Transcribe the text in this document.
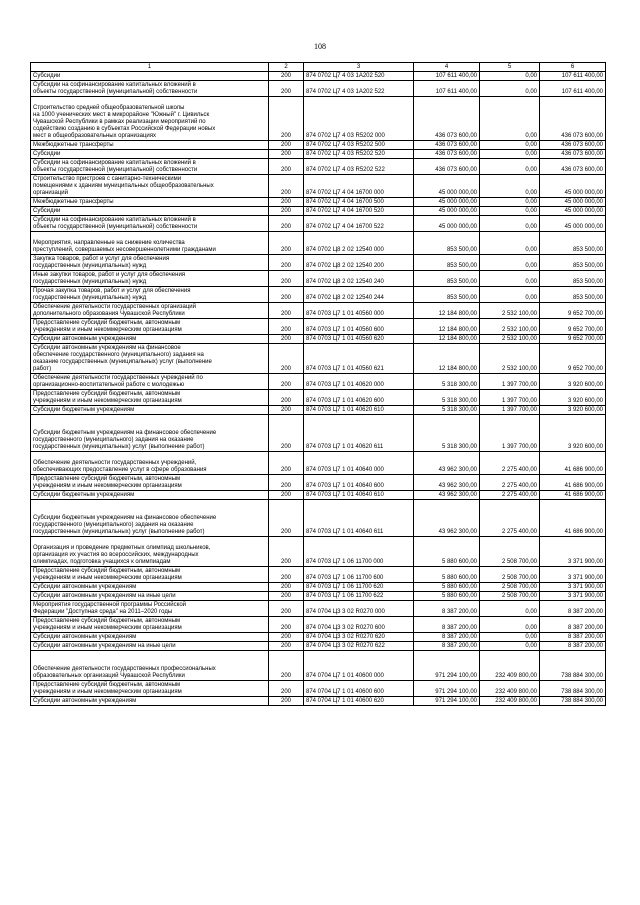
108
1	2	3	4	5	6

Субсидии	200	874 0702 Ц7 4 03 1А202 520	107 611 400,00	0,00	107 611 400,00

Субсидии на софинансирование капитальных вложений в
объекты государственной (муниципальной) собственности	200	874 0702 Ц7 4 03 1А202 522	107 611 400,00	0,00	107 611 400,00

Строительство средней общеобразовательной школы
на 1000 ученических мест в микрорайоне "Южный" г. Цивильск
Чувашской Республики в рамках реализации мероприятий по
содействию созданию в субъектах Российской Федерации новых
мест в общеобразовательных организациях	200	874 0702 Ц7 4 03 R5202 000	436 073 600,00	0,00	436 073 600,00

Межбюджетные трансферты	200	874 0702 Ц7 4 03 R5202 500	436 073 600,00	0,00	436 073 600,00

Субсидии	200	874 0702 Ц7 4 03 R5202 520	436 073 600,00	0,00	436 073 600,00

Субсидии на софинансирование капитальных вложений в
объекты государственной (муниципальной) собственности	200	874 0702 Ц7 4 03 R5202 522	436 073 600,00	0,00	436 073 600,00

Строительство пристроев с санитарно-техническими
помещениями к зданиям муниципальных общеобразовательных
организаций	200	874 0702 Ц7 4 04 16700 000	45 000 000,00	0,00	45 000 000,00

Межбюджетные трансферты	200	874 0702 Ц7 4 04 16700 500	45 000 000,00	0,00	45 000 000,00

Субсидии	200	874 0702 Ц7 4 04 16700 520	45 000 000,00	0,00	45 000 000,00

Субсидии на софинансирование капитальных вложений в
объекты государственной (муниципальной) собственности	200	874 0702 Ц7 4 04 16700 522	45 000 000,00	0,00	45 000 000,00

Мероприятия, направленные на снижение количества
преступлений, совершаемых несовершеннолетними гражданами	200	874 0702 Ц8 2 02 12540 000	853 500,00	0,00	853 500,00

Закупка товаров, работ и услуг для обеспечения
государственных (муниципальных) нужд	200	874 0702 Ц8 2 02 12540 200	853 500,00	0,00	853 500,00

Иные закупки товаров, работ и услуг для обеспечения
государственных (муниципальных) нужд	200	874 0702 Ц8 2 02 12540 240	853 500,00	0,00	853 500,00

Прочая закупка товаров, работ и услуг для обеспечения
государственных (муниципальных) нужд	200	874 0702 Ц8 2 02 12540 244	853 500,00	0,00	853 500,00

Обеспечение деятельности государственных организаций
дополнительного образования Чувашской Республики	200	874 0703 Ц7 1 01 40560 000	12 184 800,00	2 532 100,00	9 652 700,00

Предоставление субсидий бюджетным, автономным
учреждениям и иным некоммерческим организациям	200	874 0703 Ц7 1 01 40560 600	12 184 800,00	2 532 100,00	9 652 700,00

Субсидии автономным учреждениям	200	874 0703 Ц7 1 01 40560 620	12 184 800,00	2 532 100,00	9 652 700,00

Субсидии автономным учреждениям на финансовое
обеспечение государственного (муниципального) задания на
оказание государственных (муниципальных) услуг (выполнение
работ)	200	874 0703 Ц7 1 01 40560 621	12 184 800,00	2 532 100,00	9 652 700,00

Обеспечение деятельности государственных учреждений по
организационно-воспитательной работе с молодежью	200	874 0703 Ц7 1 01 40620 000	5 318 300,00	1 397 700,00	3 920 600,00

Предоставление субсидий бюджетным, автономным
учреждениям и иным некоммерческим организациям	200	874 0703 Ц7 1 01 40620 600	5 318 300,00	1 397 700,00	3 920 600,00

Субсидии бюджетным учреждениям	200	874 0703 Ц7 1 01 40620 610	5 318 300,00	1 397 700,00	3 920 600,00

Субсидии бюджетным учреждениям на финансовое обеспечение
государственного (муниципального) задания на оказание
государственных (муниципальных) услуг (выполнение работ)	200	874 0703 Ц7 1 01 40620 611	5 318 300,00	1 397 700,00	3 920 600,00

Обеспечение деятельности государственных учреждений,
обеспечивающих предоставление услуг в сфере образования	200	874 0703 Ц7 1 01 40640 000	43 962 300,00	2 275 400,00	41 686 900,00

Предоставление субсидий бюджетным, автономным
учреждениям и иным некоммерческим организациям	200	874 0703 Ц7 1 01 40640 600	43 962 300,00	2 275 400,00	41 686 900,00

Субсидии бюджетным учреждениям	200	874 0703 Ц7 1 01 40640 610	43 962 300,00	2 275 400,00	41 686 900,00

Субсидии бюджетным учреждениям на финансовое обеспечение
государственного (муниципального) задания на оказание
государственных (муниципальных) услуг (выполнение работ)	200	874 0703 Ц7 1 01 40640 611	43 962 300,00	2 275 400,00	41 686 900,00

Организация и проведение предметных олимпиад школьников,
организация их участия во всероссийских, международных
олимпиадах, подготовка учащихся к олимпиадам	200	874 0703 Ц7 1 06 11700 000	5 880 600,00	2 508 700,00	3 371 900,00

Предоставление субсидий бюджетным, автономным
учреждениям и иным некоммерческим организациям	200	874 0703 Ц7 1 06 11700 600	5 880 600,00	2 508 700,00	3 371 900,00

Субсидии автономным учреждениям	200	874 0703 Ц7 1 06 11700 620	5 880 600,00	2 508 700,00	3 371 900,00

Субсидии автономным учреждениям на иные цели	200	874 0703 Ц7 1 06 11700 622	5 880 600,00	2 508 700,00	3 371 900,00

Мероприятия государственной программы Российской
Федерации "Доступная среда" на 2011–2020 годы	200	874 0704 Ц3 3 02 R0270 000	8 387 200,00	0,00	8 387 200,00

Предоставление субсидий бюджетным, автономным
учреждениям и иным некоммерческим организациям	200	874 0704 Ц3 3 02 R0270 600	8 387 200,00	0,00	8 387 200,00

Субсидии автономным учреждениям	200	874 0704 Ц3 3 02 R0270 620	8 387 200,00	0,00	8 387 200,00

Субсидии автономным учреждениям на иные цели	200	874 0704 Ц3 3 02 R0270 622	8 387 200,00	0,00	8 387 200,00

Обеспечение деятельности государственных профессиональных
образовательных организаций Чувашской Республики	200	874 0704 Ц7 1 01 40600 000	971 294 100,00	232 409 800,00	738 884 300,00

Предоставление субсидий бюджетным, автономным
учреждениям и иным некоммерческим организациям	200	874 0704 Ц7 1 01 40600 600	971 294 100,00	232 409 800,00	738 884 300,00

Субсидии автономным учреждениям	200	874 0704 Ц7 1 01 40600 620	971 294 100,00	232 409 800,00	738 884 300,00
